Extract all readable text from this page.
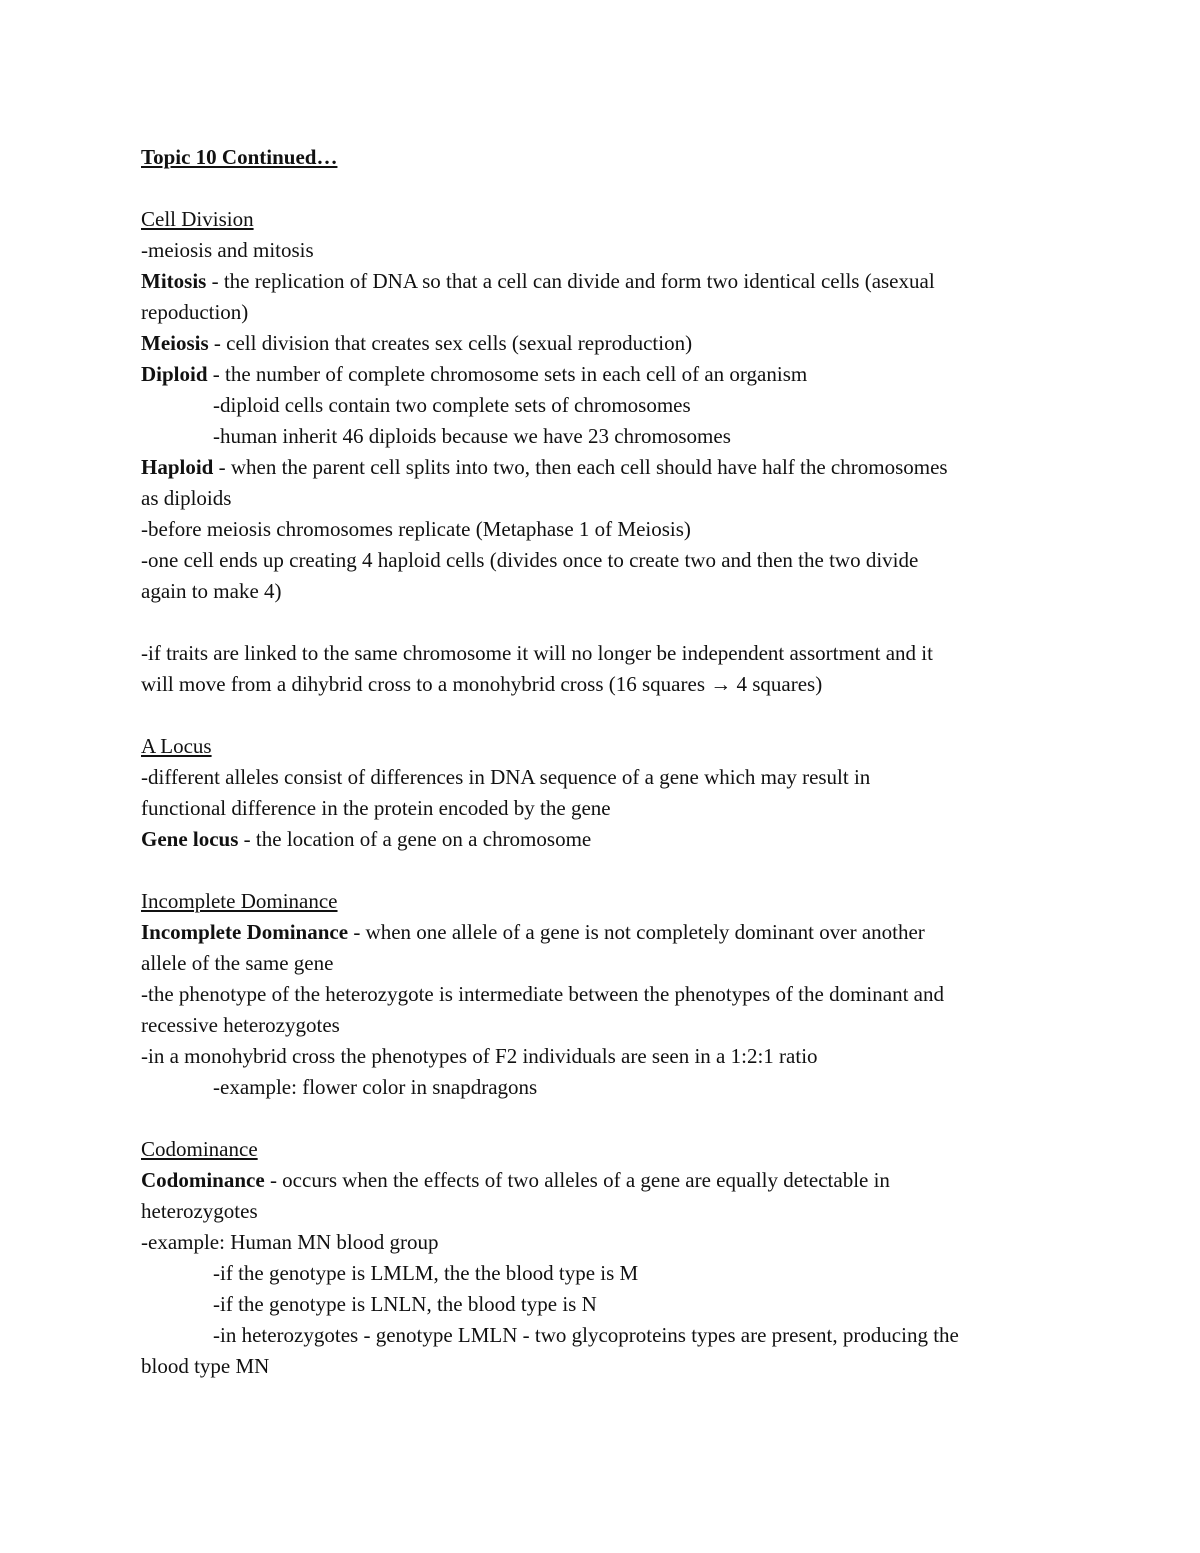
Topic 10 Continued…
Cell Division
-meiosis and mitosis
Mitosis - the replication of DNA so that a cell can divide and form two identical cells (asexual
repoduction)
Meiosis - cell division that creates sex cells (sexual reproduction)
Diploid - the number of complete chromosome sets in each cell of an organism
-diploid cells contain two complete sets of chromosomes
-human inherit 46 diploids because we have 23 chromosomes
Haploid - when the parent cell splits into two, then each cell should have half the chromosomes
as diploids
-before meiosis chromosomes replicate (Metaphase 1 of Meiosis)
-one cell ends up creating 4 haploid cells (divides once to create two and then the two divide
again to make 4)
-if traits are linked to the same chromosome it will no longer be independent assortment and it
will move from a dihybrid cross to a monohybrid cross (16 squares → 4 squares)
A Locus
-different alleles consist of differences in DNA sequence of a gene which may result in
functional difference in the protein encoded by the gene
Gene locus - the location of a gene on a chromosome
Incomplete Dominance
Incomplete Dominance - when one allele of a gene is not completely dominant over another
allele of the same gene
-the phenotype of the heterozygote is intermediate between the phenotypes of the dominant and
recessive heterozygotes
-in a monohybrid cross the phenotypes of F2 individuals are seen in a 1:2:1 ratio
-example: flower color in snapdragons
Codominance
Codominance - occurs when the effects of two alleles of a gene are equally detectable in
heterozygotes
-example: Human MN blood group
-if the genotype is LMLM, the the blood type is M
-if the genotype is LNLN, the blood type is N
-in heterozygotes - genotype LMLN - two glycoproteins types are present, producing the
blood type MN
